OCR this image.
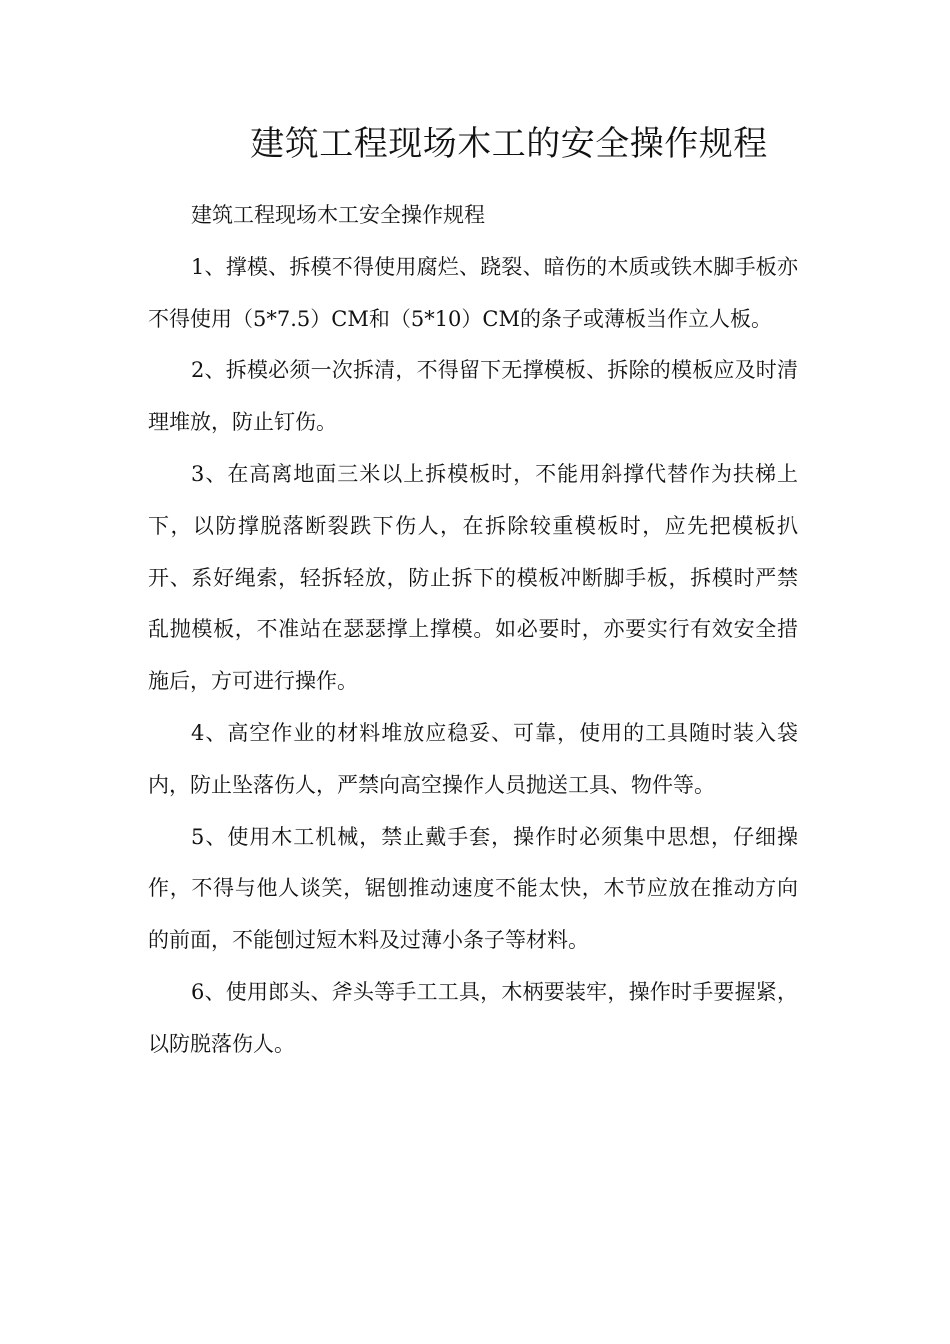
建筑工程现场木工的安全操作规程

建筑工程现场木工安全操作规程

1、撑模、拆模不得使用腐烂、跷裂、暗伤的木质或铁木脚手板亦不得使用（5*7.5）CM和（5*10）CM的条子或薄板当作立人板。

2、拆模必须一次拆清，不得留下无撑模板、拆除的模板应及时清理堆放，防止钉伤。

3、在高离地面三米以上拆模板时，不能用斜撑代替作为扶梯上下，以防撑脱落断裂跌下伤人，在拆除较重模板时，应先把模板扒开、系好绳索，轻拆轻放，防止拆下的模板冲断脚手板，拆模时严禁乱抛模板，不准站在瑟瑟撑上撑模。如必要时，亦要实行有效安全措施后，方可进行操作。

4、高空作业的材料堆放应稳妥、可靠，使用的工具随时装入袋内，防止坠落伤人，严禁向高空操作人员抛送工具、物件等。

5、使用木工机械，禁止戴手套，操作时必须集中思想，仔细操作，不得与他人谈笑，锯刨推动速度不能太快，木节应放在推动方向的前面，不能刨过短木料及过薄小条子等材料。

6、使用郎头、斧头等手工工具，木柄要装牢，操作时手要握紧，以防脱落伤人。
